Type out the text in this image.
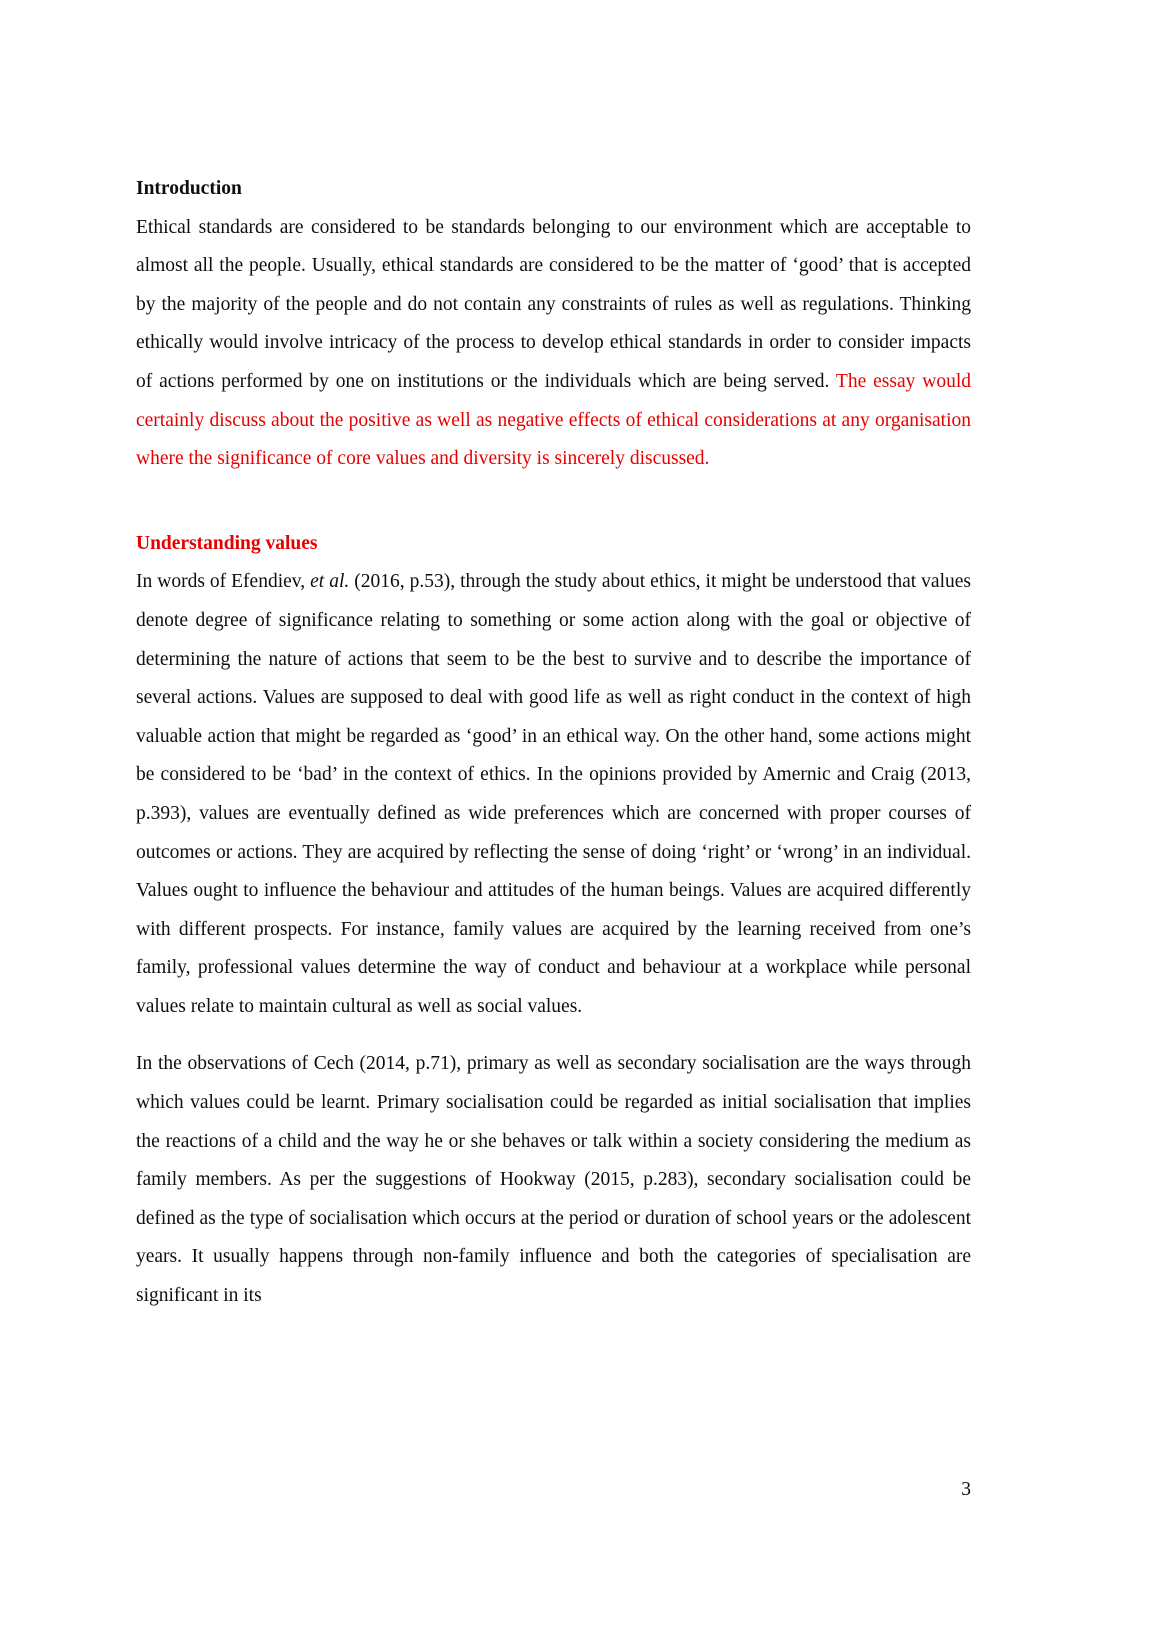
Introduction

Ethical standards are considered to be standards belonging to our environment which are acceptable to almost all the people. Usually, ethical standards are considered to be the matter of ‘good’ that is accepted by the majority of the people and do not contain any constraints of rules as well as regulations. Thinking ethically would involve intricacy of the process to develop ethical standards in order to consider impacts of actions performed by one on institutions or the individuals which are being served. The essay would certainly discuss about the positive as well as negative effects of ethical considerations at any organisation where the significance of core values and diversity is sincerely discussed.

Understanding values

In words of Efendiev, et al. (2016, p.53), through the study about ethics, it might be understood that values denote degree of significance relating to something or some action along with the goal or objective of determining the nature of actions that seem to be the best to survive and to describe the importance of several actions. Values are supposed to deal with good life as well as right conduct in the context of high valuable action that might be regarded as ‘good’ in an ethical way. On the other hand, some actions might be considered to be ‘bad’ in the context of ethics. In the opinions provided by Amernic and Craig (2013, p.393), values are eventually defined as wide preferences which are concerned with proper courses of outcomes or actions. They are acquired by reflecting the sense of doing ‘right’ or ‘wrong’ in an individual. Values ought to influence the behaviour and attitudes of the human beings. Values are acquired differently with different prospects. For instance, family values are acquired by the learning received from one’s family, professional values determine the way of conduct and behaviour at a workplace while personal values relate to maintain cultural as well as social values.

In the observations of Cech (2014, p.71), primary as well as secondary socialisation are the ways through which values could be learnt. Primary socialisation could be regarded as initial socialisation that implies the reactions of a child and the way he or she behaves or talk within a society considering the medium as family members. As per the suggestions of Hookway (2015, p.283), secondary socialisation could be defined as the type of socialisation which occurs at the period or duration of school years or the adolescent years. It usually happens through non-family influence and both the categories of specialisation are significant in its

3
